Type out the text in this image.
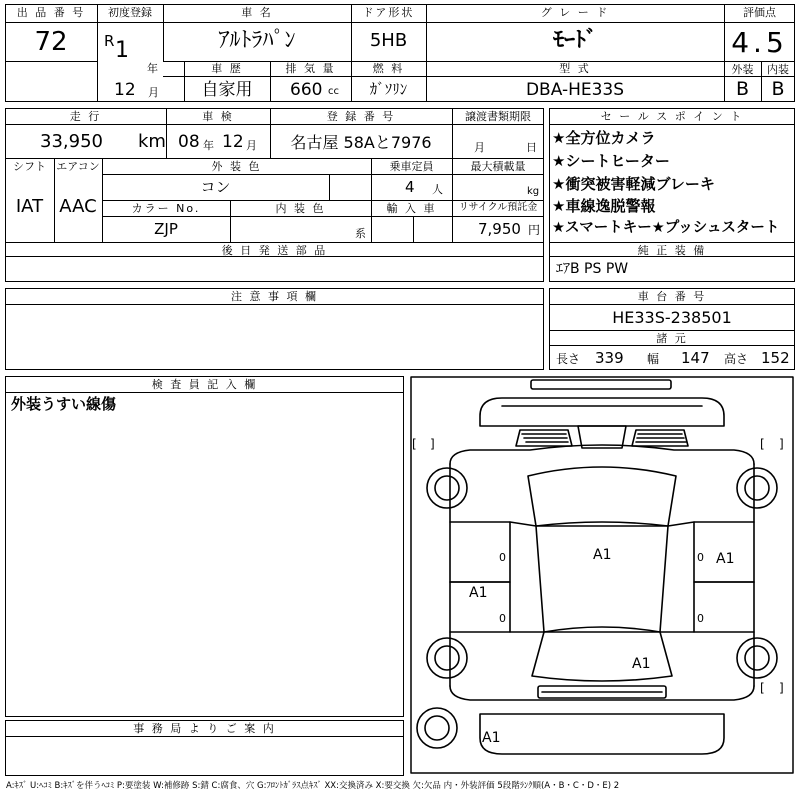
出 品 番 号
72
初度登録
R 1
年
12 月
車 名
ｱﾙﾄﾗﾊﾟﾝ
ドア形状
5HB
グ レ ー ド
ﾓｰﾄﾞ
評価点
4.5
車 歴
自家用
排 気 量
660 cc
燃 料
ｶﾞｿﾘﾝ
型 式
DBA-HE33S
外装	内装
B	B
走 行
33,950 km
車 検
08 年 12 月
登 録 番 号
名古屋 58Aと7976
譲渡書類期限
月	日
シフト
IAT
エアコン
AAC
外 装 色
コン
乗車定員
4 人
最大積載量
kg
カラー No.
ZJP
内 装 色
系
輸 入 車	リサイクル預託金
7,950 円
後 日 発 送 部 品
セ ー ル ス ポ イ ン ト
★全方位カメラ
★シートヒーター
★衝突被害軽減ブレーキ
★車線逸脱警報
★スマートキー★プッシュスタート
純 正 装 備
ｴｱB PS PW
注 意 事 項 欄	車 台 番 号
HE33S-238501
諸 元
長さ 339 幅 147 高さ 152
検 査 員 記 入 欄
外装うすい線傷
事 務 局 よ り ご 案 内
[ ]	[ ]
[ ]
0	0
0	0
A1	A1
A1
A1
A1
A:ｷｽﾞ U:ﾍｺﾐ B:ｷｽﾞを伴うﾍｺﾐ P:要塗装 W:補修跡 S:錆 C:腐食、穴 G:ﾌﾛﾝﾄｶﾞﾗｽ点ｷｽﾞ XX:交換済み X:要交換 欠:欠品 内・外装評価 5段階ﾗﾝｸ順(A・B・C・D・E) 2
